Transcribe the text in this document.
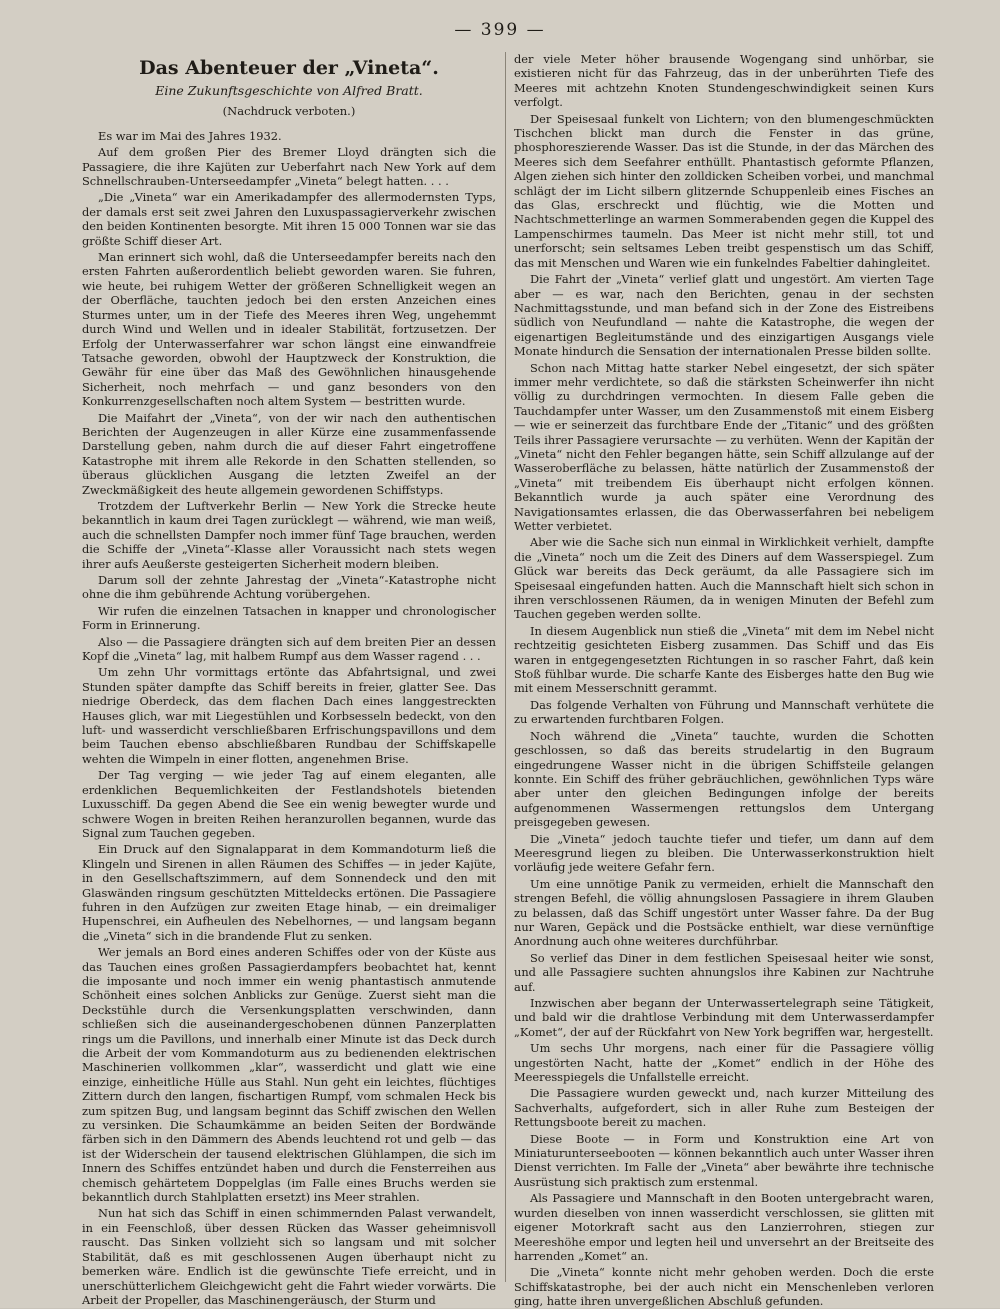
— 399 —
Das Abenteuer der „Vineta“.
Eine Zukunftsgeschichte von Alfred Bratt.
(Nachdruck verboten.)

Es war im Mai des Jahres 1932.

Auf dem großen Pier des Bremer Lloyd drängten sich die Passagiere, die ihre Kajüten zur Ueberfahrt nach New York auf dem Schnellschrauben-Unterseedampfer „Vineta“ belegt hatten. . . .

„Die „Vineta“ war ein Amerikadampfer des allermodernsten Typs, der damals erst seit zwei Jahren den Luxuspassagierverkehr zwischen den beiden Kontinenten besorgte. Mit ihren 15 000 Tonnen war sie das größte Schiff dieser Art.

Man erinnert sich wohl, daß die Unterseedampfer bereits nach den ersten Fahrten außerordentlich beliebt geworden waren. Sie fuhren, wie heute, bei ruhigem Wetter der größeren Schnelligkeit wegen an der Oberfläche, tauchten jedoch bei den ersten Anzeichen eines Sturmes unter, um in der Tiefe des Meeres ihren Weg, ungehemmt durch Wind und Wellen und in idealer Stabilität, fortzusetzen. Der Erfolg der Unterwasserfahrer war schon längst eine einwandfreie Tatsache geworden, obwohl der Hauptzweck der Konstruktion, die Gewähr für eine über das Maß des Gewöhnlichen hinausgehende Sicherheit, noch mehrfach — und ganz besonders von den Konkurrenzgesellschaften noch altem System — bestritten wurde.

Die Maifahrt der „Vineta“, von der wir nach den authentischen Berichten der Augenzeugen in aller Kürze eine zusammenfassende Darstellung geben, nahm durch die auf dieser Fahrt eingetroffene Katastrophe mit ihrem alle Rekorde in den Schatten stellenden, so überaus glücklichen Ausgang die letzten Zweifel an der Zweckmäßigkeit des heute allgemein gewordenen Schiffstyps.

Trotzdem der Luftverkehr Berlin — New York die Strecke heute bekanntlich in kaum drei Tagen zurücklegt — während, wie man weiß, auch die schnellsten Dampfer noch immer fünf Tage brauchen, werden die Schiffe der „Vineta“-Klasse aller Voraussicht nach stets wegen ihrer aufs Aeußerste gesteigerten Sicherheit modern bleiben.

Darum soll der zehnte Jahrestag der „Vineta“-Katastrophe nicht ohne die ihm gebührende Achtung vorübergehen.

Wir rufen die einzelnen Tatsachen in knapper und chronologischer Form in Erinnerung.

Also — die Passagiere drängten sich auf dem breiten Pier an dessen Kopf die „Vineta“ lag, mit halbem Rumpf aus dem Wasser ragend . . .

Um zehn Uhr vormittags ertönte das Abfahrtsignal, und zwei Stunden später dampfte das Schiff bereits in freier, glatter See. Das niedrige Oberdeck, das dem flachen Dach eines langgestreckten Hauses glich, war mit Liegestühlen und Korbsesseln bedeckt, von den luft- und wasserdicht verschließbaren Erfrischungspavillons und dem beim Tauchen ebenso abschließbaren Rundbau der Schiffskapelle wehten die Wimpeln in einer flotten, angenehmen Brise.

Der Tag verging — wie jeder Tag auf einem eleganten, alle erdenklichen Bequemlichkeiten der Festlandshotels bietenden Luxusschiff. Da gegen Abend die See ein wenig bewegter wurde und schwere Wogen in breiten Reihen heranzurollen begannen, wurde das Signal zum Tauchen gegeben.

Ein Druck auf den Signalapparat in dem Kommandoturm ließ die Klingeln und Sirenen in allen Räumen des Schiffes — in jeder Kajüte, in den Gesellschaftszimmern, auf dem Sonnendeck und den mit Glaswänden ringsum geschützten Mitteldecks ertönen. Die Passagiere fuhren in den Aufzügen zur zweiten Etage hinab, — ein dreimaliger Hupenschrei, ein Aufheulen des Nebelhornes, — und langsam begann die „Vineta“ sich in die brandende Flut zu senken.

Wer jemals an Bord eines anderen Schiffes oder von der Küste aus das Tauchen eines großen Passagierdampfers beobachtet hat, kennt die imposante und noch immer ein wenig phantastisch anmutende Schönheit eines solchen Anblicks zur Genüge. Zuerst sieht man die Deckstühle durch die Versenkungsplatten verschwinden, dann schließen sich die auseinandergeschobenen dünnen Panzerplatten rings um die Pavillons, und innerhalb einer Minute ist das Deck durch die Arbeit der vom Kommandoturm aus zu bedienenden elektrischen Maschinerien vollkommen „klar“, wasserdicht und glatt wie eine einzige, einheitliche Hülle aus Stahl. Nun geht ein leichtes, flüchtiges Zittern durch den langen, fischartigen Rumpf, vom schmalen Heck bis zum spitzen Bug, und langsam beginnt das Schiff zwischen den Wellen zu versinken. Die Schaumkämme an beiden Seiten der Bordwände färben sich in den Dämmern des Abends leuchtend rot und gelb — das ist der Widerschein der tausend elektrischen Glühlampen, die sich im Innern des Schiffes entzündet haben und durch die Fensterreihen aus chemisch gehärtetem Doppelglas (im Falle eines Bruchs werden sie bekanntlich durch Stahlplatten ersetzt) ins Meer strahlen.

Nun hat sich das Schiff in einen schimmernden Palast verwandelt, in ein Feenschloß, über dessen Rücken das Wasser geheimnisvoll rauscht. Das Sinken vollzieht sich so langsam und mit solcher Stabilität, daß es mit geschlossenen Augen überhaupt nicht zu bemerken wäre. Endlich ist die gewünschte Tiefe erreicht, und in unerschütterlichem Gleichgewicht geht die Fahrt wieder vorwärts. Die Arbeit der Propeller, das Maschinengeräusch, der Sturm und

der viele Meter höher brausende Wogengang sind unhörbar, sie existieren nicht für das Fahrzeug, das in der unberührten Tiefe des Meeres mit achtzehn Knoten Stundengeschwindigkeit seinen Kurs verfolgt.

Der Speisesaal funkelt von Lichtern; von den blumengeschmückten Tischchen blickt man durch die Fenster in das grüne, phosphoreszierende Wasser. Das ist die Stunde, in der das Märchen des Meeres sich dem Seefahrer enthüllt. Phantastisch geformte Pflanzen, Algen ziehen sich hinter den zolldicken Scheiben vorbei, und manchmal schlägt der im Licht silbern glitzernde Schuppenleib eines Fisches an das Glas, erschreckt und flüchtig, wie die Motten und Nachtschmetterlinge an warmen Sommerabenden gegen die Kuppel des Lampenschirmes taumeln. Das Meer ist nicht mehr still, tot und unerforscht; sein seltsames Leben treibt gespenstisch um das Schiff, das mit Menschen und Waren wie ein funkelndes Fabeltier dahingleitet.

Die Fahrt der „Vineta“ verlief glatt und ungestört. Am vierten Tage aber — es war, nach den Berichten, genau in der sechsten Nachmittagsstunde, und man befand sich in der Zone des Eistreibens südlich von Neufundland — nahte die Katastrophe, die wegen der eigenartigen Begleitumstände und des einzigartigen Ausgangs viele Monate hindurch die Sensation der internationalen Presse bilden sollte.

Schon nach Mittag hatte starker Nebel eingesetzt, der sich später immer mehr verdichtete, so daß die stärksten Scheinwerfer ihn nicht völlig zu durchdringen vermochten. In diesem Falle geben die Tauchdampfer unter Wasser, um den Zusammenstoß mit einem Eisberg — wie er seinerzeit das furchtbare Ende der „Titanic“ und des größten Teils ihrer Passagiere verursachte — zu verhüten. Wenn der Kapitän der „Vineta“ nicht den Fehler begangen hätte, sein Schiff allzulange auf der Wasseroberfläche zu belassen, hätte natürlich der Zusammenstoß der „Vineta“ mit treibendem Eis überhaupt nicht erfolgen können. Bekanntlich wurde ja auch später eine Verordnung des Navigationsamtes erlassen, die das Oberwasserfahren bei nebeligem Wetter verbietet.

Aber wie die Sache sich nun einmal in Wirklichkeit verhielt, dampfte die „Vineta“ noch um die Zeit des Diners auf dem Wasserspiegel. Zum Glück war bereits das Deck geräumt, da alle Passagiere sich im Speisesaal eingefunden hatten. Auch die Mannschaft hielt sich schon in ihren verschlossenen Räumen, da in wenigen Minuten der Befehl zum Tauchen gegeben werden sollte.

In diesem Augenblick nun stieß die „Vineta“ mit dem im Nebel nicht rechtzeitig gesichteten Eisberg zusammen. Das Schiff und das Eis waren in entgegengesetzten Richtungen in so rascher Fahrt, daß kein Stoß fühlbar wurde. Die scharfe Kante des Eisberges hatte den Bug wie mit einem Messerschnitt gerammt.

Das folgende Verhalten von Führung und Mannschaft verhütete die zu erwartenden furchtbaren Folgen.

Noch während die „Vineta“ tauchte, wurden die Schotten geschlossen, so daß das bereits strudelartig in den Bugraum eingedrungene Wasser nicht in die übrigen Schiffsteile gelangen konnte. Ein Schiff des früher gebräuchlichen, gewöhnlichen Typs wäre aber unter den gleichen Bedingungen infolge der bereits aufgenommenen Wassermengen rettungslos dem Untergang preisgegeben gewesen.

Die „Vineta“ jedoch tauchte tiefer und tiefer, um dann auf dem Meeresgrund liegen zu bleiben. Die Unterwasserkonstruktion hielt vorläufig jede weitere Gefahr fern.

Um eine unnötige Panik zu vermeiden, erhielt die Mannschaft den strengen Befehl, die völlig ahnungslosen Passagiere in ihrem Glauben zu belassen, daß das Schiff ungestört unter Wasser fahre. Da der Bug nur Waren, Gepäck und die Postsäcke enthielt, war diese vernünftige Anordnung auch ohne weiteres durchführbar.

So verlief das Diner in dem festlichen Speisesaal heiter wie sonst, und alle Passagiere suchten ahnungslos ihre Kabinen zur Nachtruhe auf.

Inzwischen aber begann der Unterwassertelegraph seine Tätigkeit, und bald wir die drahtlose Verbindung mit dem Unterwasserdampfer „Komet“, der auf der Rückfahrt von New York begriffen war, hergestellt.

Um sechs Uhr morgens, nach einer für die Passagiere völlig ungestörten Nacht, hatte der „Komet“ endlich in der Höhe des Meeresspiegels die Unfallstelle erreicht.

Die Passagiere wurden geweckt und, nach kurzer Mitteilung des Sachverhalts, aufgefordert, sich in aller Ruhe zum Besteigen der Rettungsboote bereit zu machen.

Diese Boote — in Form und Konstruktion eine Art von Miniaturunterseebooten — können bekanntlich auch unter Wasser ihren Dienst verrichten. Im Falle der „Vineta“ aber bewährte ihre technische Ausrüstung sich praktisch zum erstenmal.

Als Passagiere und Mannschaft in den Booten untergebracht waren, wurden dieselben von innen wasserdicht verschlossen, sie glitten mit eigener Motorkraft sacht aus den Lanzierrohren, stiegen zur Meereshöhe empor und legten heil und unversehrt an der Breitseite des harrenden „Komet“ an.

Die „Vineta“ konnte nicht mehr gehoben werden. Doch die erste Schiffskatastrophe, bei der auch nicht ein Menschenleben verloren ging, hatte ihren unvergeßlichen Abschluß gefunden.
